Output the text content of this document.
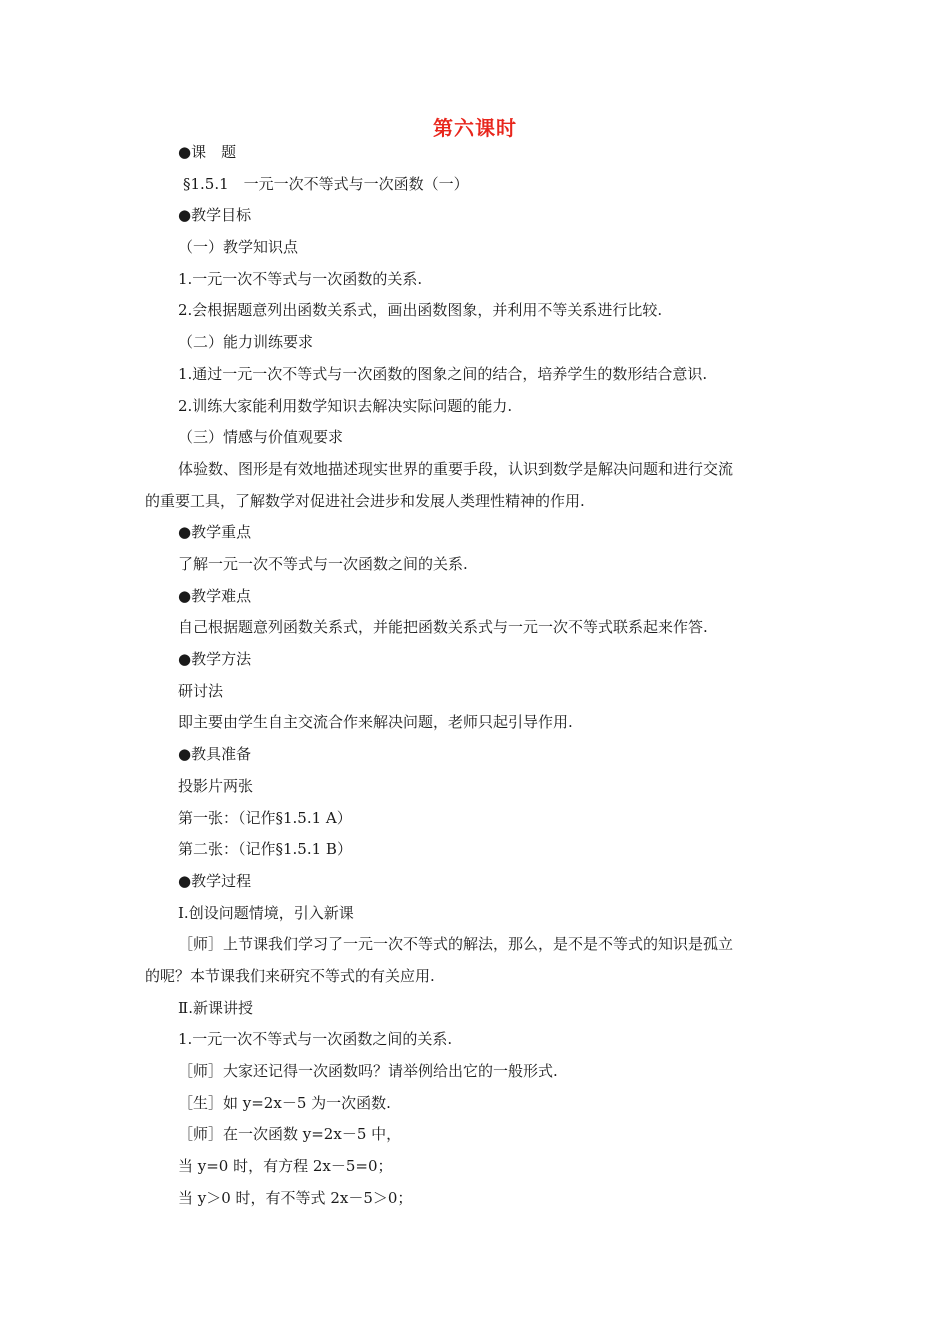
第六课时
●课　题
§1.5.1　一元一次不等式与一次函数（一）
●教学目标
（一）教学知识点
1.一元一次不等式与一次函数的关系.
2.会根据题意列出函数关系式，画出函数图象，并利用不等关系进行比较.
（二）能力训练要求
1.通过一元一次不等式与一次函数的图象之间的结合，培养学生的数形结合意识.
2.训练大家能利用数学知识去解决实际问题的能力.
（三）情感与价值观要求
体验数、图形是有效地描述现实世界的重要手段，认识到数学是解决问题和进行交流
的重要工具，了解数学对促进社会进步和发展人类理性精神的作用.
●教学重点
了解一元一次不等式与一次函数之间的关系.
●教学难点
自己根据题意列函数关系式，并能把函数关系式与一元一次不等式联系起来作答.
●教学方法
研讨法
即主要由学生自主交流合作来解决问题，老师只起引导作用.
●教具准备
投影片两张
第一张：（记作§1.5.1 A）
第二张：（记作§1.5.1 B）
●教学过程
Ⅰ.创设问题情境，引入新课
［师］上节课我们学习了一元一次不等式的解法，那么，是不是不等式的知识是孤立
的呢？本节课我们来研究不等式的有关应用.
Ⅱ.新课讲授
1.一元一次不等式与一次函数之间的关系.
［师］大家还记得一次函数吗？请举例给出它的一般形式.
［生］如 y=2x－5 为一次函数.
［师］在一次函数 y=2x－5 中，
当 y=0 时，有方程 2x－5=0；
当 y＞0 时，有不等式 2x－5＞0；
